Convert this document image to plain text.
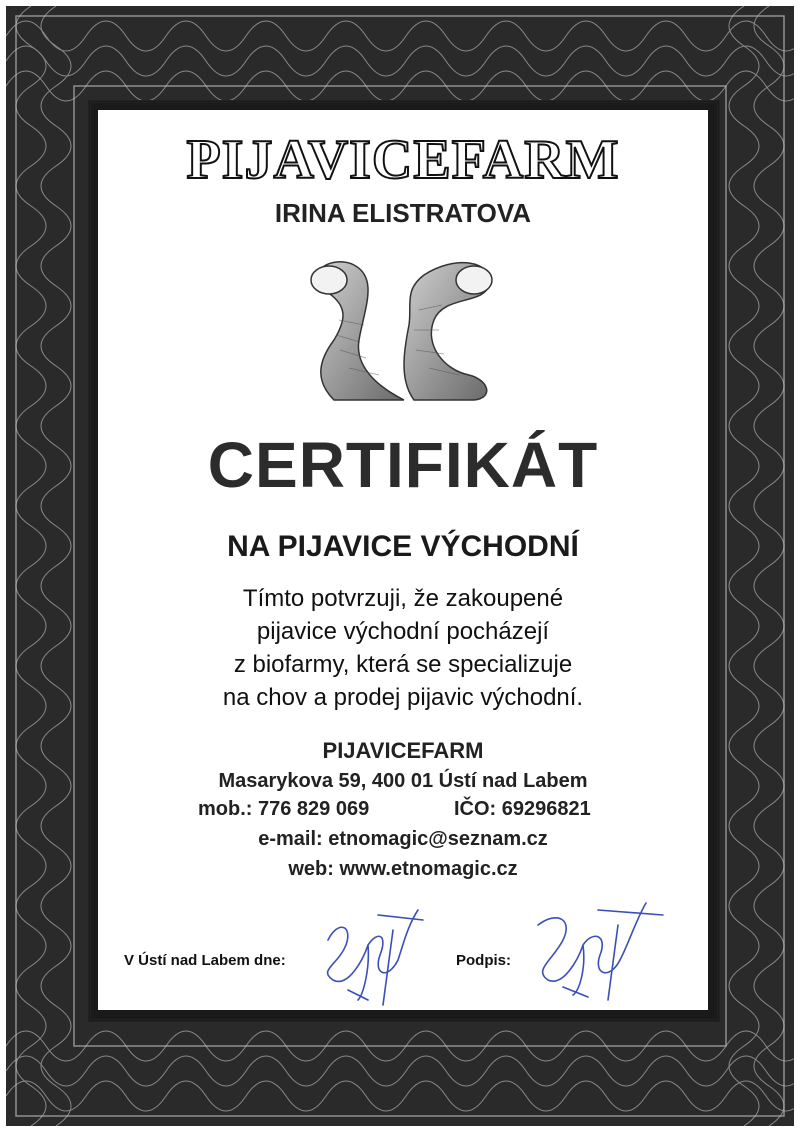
PIJAVICEFARM
IRINA ELISTRATOVA
CERTIFIKÁT
NA PIJAVICE VÝCHODNÍ
Tímto potvrzuji, že zakoupené
pijavice východní pocházejí
z biofarmy, která se specializuje
na chov a prodej pijavic východní.
PIJAVICEFARM
Masarykova 59, 400 01 Ústí nad Labem
mob.: 776 829 069	IČO: 69296821
e-mail: etnomagic@seznam.cz
web: www.etnomagic.cz
V Ústí nad Labem dne:	Podpis:
